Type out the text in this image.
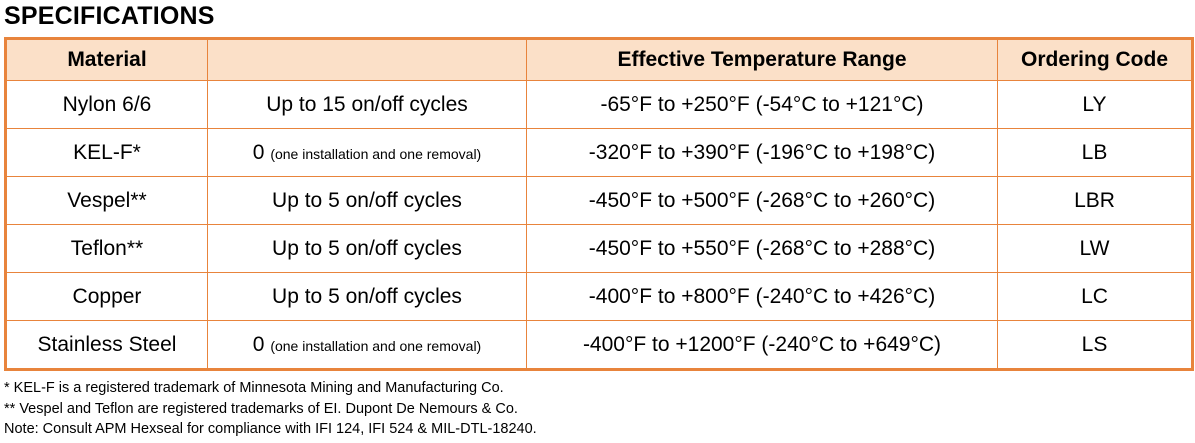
SPECIFICATIONS
Material		Effective Temperature Range	Ordering Code
Nylon 6/6	Up to 15 on/off cycles	-65°F to +250°F (-54°C to +121°C)	LY
KEL-F*	0 (one installation and one removal)	-320°F to +390°F (-196°C to +198°C)	LB
Vespel**	Up to 5 on/off cycles	-450°F to +500°F (-268°C to +260°C)	LBR
Teflon**	Up to 5 on/off cycles	-450°F to +550°F (-268°C to +288°C)	LW
Copper	Up to 5 on/off cycles	-400°F to +800°F (-240°C to +426°C)	LC
Stainless Steel	0 (one installation and one removal)	-400°F to +1200°F (-240°C to +649°C)	LS
* KEL-F is a registered trademark of Minnesota Mining and Manufacturing Co.
** Vespel and Teflon are registered trademarks of EI. Dupont De Nemours & Co.
Note: Consult APM Hexseal for compliance with IFI 124, IFI 524 & MIL-DTL-18240.
